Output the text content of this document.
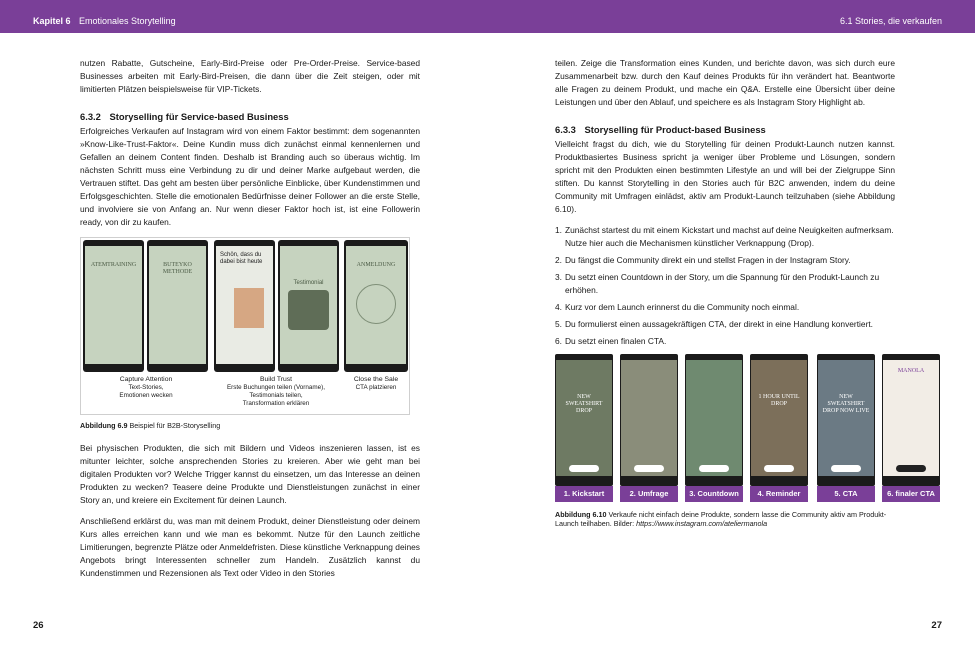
Kapitel 6 Emotionales Storytelling	6.1 Stories, die verkaufen

nutzen Rabatte, Gutscheine, Early-Bird-Preise oder Pre-Order-Preise. Service-based Businesses arbeiten mit Early-Bird-Preisen, die dann über die Zeit steigen, oder mit limitierten Plätzen beispielsweise für VIP-Tickets.

6.3.2 Storyselling für Service-based Business

Erfolgreiches Verkaufen auf Instagram wird von einem Faktor bestimmt: dem sogenannten »Know-Like-Trust-Faktor«. Deine Kundin muss dich zunächst einmal kennenlernen und Gefallen an deinem Content finden. Deshalb ist Branding auch so überaus wichtig. Im nächsten Schritt muss eine Verbindung zu dir und deiner Marke aufgebaut werden, die Vertrauen stiftet. Das geht am besten über persönliche Einblicke, über Kundenstimmen und Erfolgsgeschichten. Stelle die emotionalen Bedürfnisse deiner Follower an die erste Stelle, und involviere sie von Anfang an. Nur wenn dieser Faktor hoch ist, ist eine Followerin ready, von dir zu kaufen.

ATEMTRAINING	BUTEYKO METHODE
Schön, dass du dabei bist heute
Testimonial
ANMELDUNG
Capture Attention
Text-Stories,
Emotionen wecken
Build Trust
Erste Buchungen teilen (Vorname),
Testimonials teilen,
Transformation erklären
Close the Sale
CTA platzieren
Abbildung 6.9 Beispiel für B2B-Storyselling

Bei physischen Produkten, die sich mit Bildern und Videos inszenieren lassen, ist es mitunter leichter, solche ansprechenden Stories zu kreieren. Aber wie geht man bei digitalen Produkten vor? Welche Trigger kannst du einsetzen, um das Interesse an deinen Produkten zu wecken? Teasere deine Produkte und Dienstleistungen zunächst in einer Story an, und kreiere ein Excitement für deinen Launch.

Anschließend erklärst du, was man mit deinem Produkt, deiner Dienstleistung oder deinem Kurs alles erreichen kann und wie man es bekommt. Nutze für den Launch zeitliche Limitierungen, begrenzte Plätze oder Anmeldefristen. Diese künstliche Verknappung deines Angebots bringt Interessenten schneller zum Handeln. Zusätzlich kannst du Kundenstimmen und Rezensionen als Text oder Video in den Stories

teilen. Zeige die Transformation eines Kunden, und berichte davon, was sich durch eure Zusammenarbeit bzw. durch den Kauf deines Produkts für ihn verändert hat. Beantworte alle Fragen zu deinem Produkt, und mache ein Q&A. Erstelle eine Übersicht über deine Leistungen und über den Ablauf, und speichere es als Instagram Story Highlight ab.

6.3.3 Storyselling für Product-based Business

Vielleicht fragst du dich, wie du Storytelling für deinen Produkt-Launch nutzen kannst. Produktbasiertes Business spricht ja weniger über Probleme und Lösungen, sondern spricht mit den Produkten einen bestimmten Lifestyle an und will bei der Zielgruppe Sinn stiften. Du kannst Storytelling in den Stories auch für B2C anwenden, indem du deine Community mit Umfragen einlädst, aktiv am Produkt-Launch teilzuhaben (siehe Abbildung 6.10).

1. Zunächst startest du mit einem Kickstart und machst auf deine Neuigkeiten aufmerksam. Nutze hier auch die Mechanismen künstlicher Verknappung (Drop).
2. Du fängst die Community direkt ein und stellst Fragen in der Instagram Story.
3. Du setzt einen Countdown in der Story, um die Spannung für den Produkt-Launch zu erhöhen.
4. Kurz vor dem Launch erinnerst du die Community noch einmal.
5. Du formulierst einen aussagekräftigen CTA, der direkt in eine Handlung konvertiert.
6. Du setzt einen finalen CTA.
NEW SWEATSHIRT DROP
1 HOUR UNTIL DROP
NEW SWEATSHIRT DROP NOW LIVE
MANOLA
1. Kickstart	2. Umfrage	3. Countdown	4. Reminder	5. CTA	6. finaler CTA
Abbildung 6.10 Verkaufe nicht einfach deine Produkte, sondern lasse die Community aktiv am Produkt-Launch teilhaben. Bilder: https://www.instagram.com/ateliermanola
26	27
